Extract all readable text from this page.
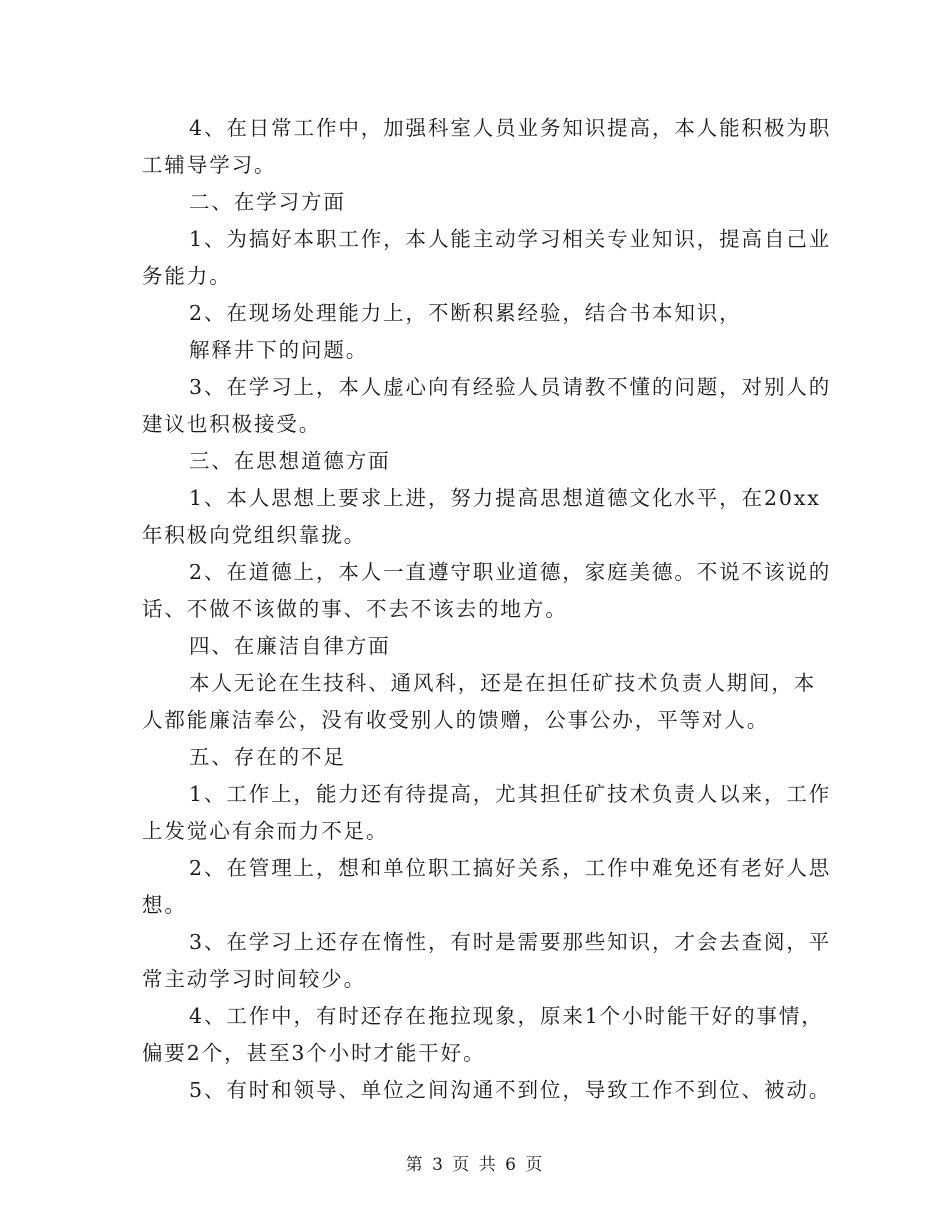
4、在日常工作中，加强科室人员业务知识提高，本人能积极为职
工辅导学习。
二、在学习方面
1、为搞好本职工作，本人能主动学习相关专业知识，提高自己业
务能力。
2、在现场处理能力上，不断积累经验，结合书本知识，
解释井下的问题。
3、在学习上，本人虚心向有经验人员请教不懂的问题，对别人的
建议也积极接受。
三、在思想道德方面
1、本人思想上要求上进，努力提高思想道德文化水平，在20xx
年积极向党组织靠拢。
2、在道德上，本人一直遵守职业道德，家庭美德。不说不该说的
话、不做不该做的事、不去不该去的地方。
四、在廉洁自律方面
本人无论在生技科、通风科，还是在担任矿技术负责人期间，本
人都能廉洁奉公，没有收受别人的馈赠，公事公办，平等对人。
五、存在的不足
1、工作上，能力还有待提高，尤其担任矿技术负责人以来，工作
上发觉心有余而力不足。
2、在管理上，想和单位职工搞好关系，工作中难免还有老好人思
想。
3、在学习上还存在惰性，有时是需要那些知识，才会去查阅，平
常主动学习时间较少。
4、工作中，有时还存在拖拉现象，原来1个小时能干好的事情，
偏要2个，甚至3个小时才能干好。
5、有时和领导、单位之间沟通不到位，导致工作不到位、被动。
第 3 页 共 6 页
